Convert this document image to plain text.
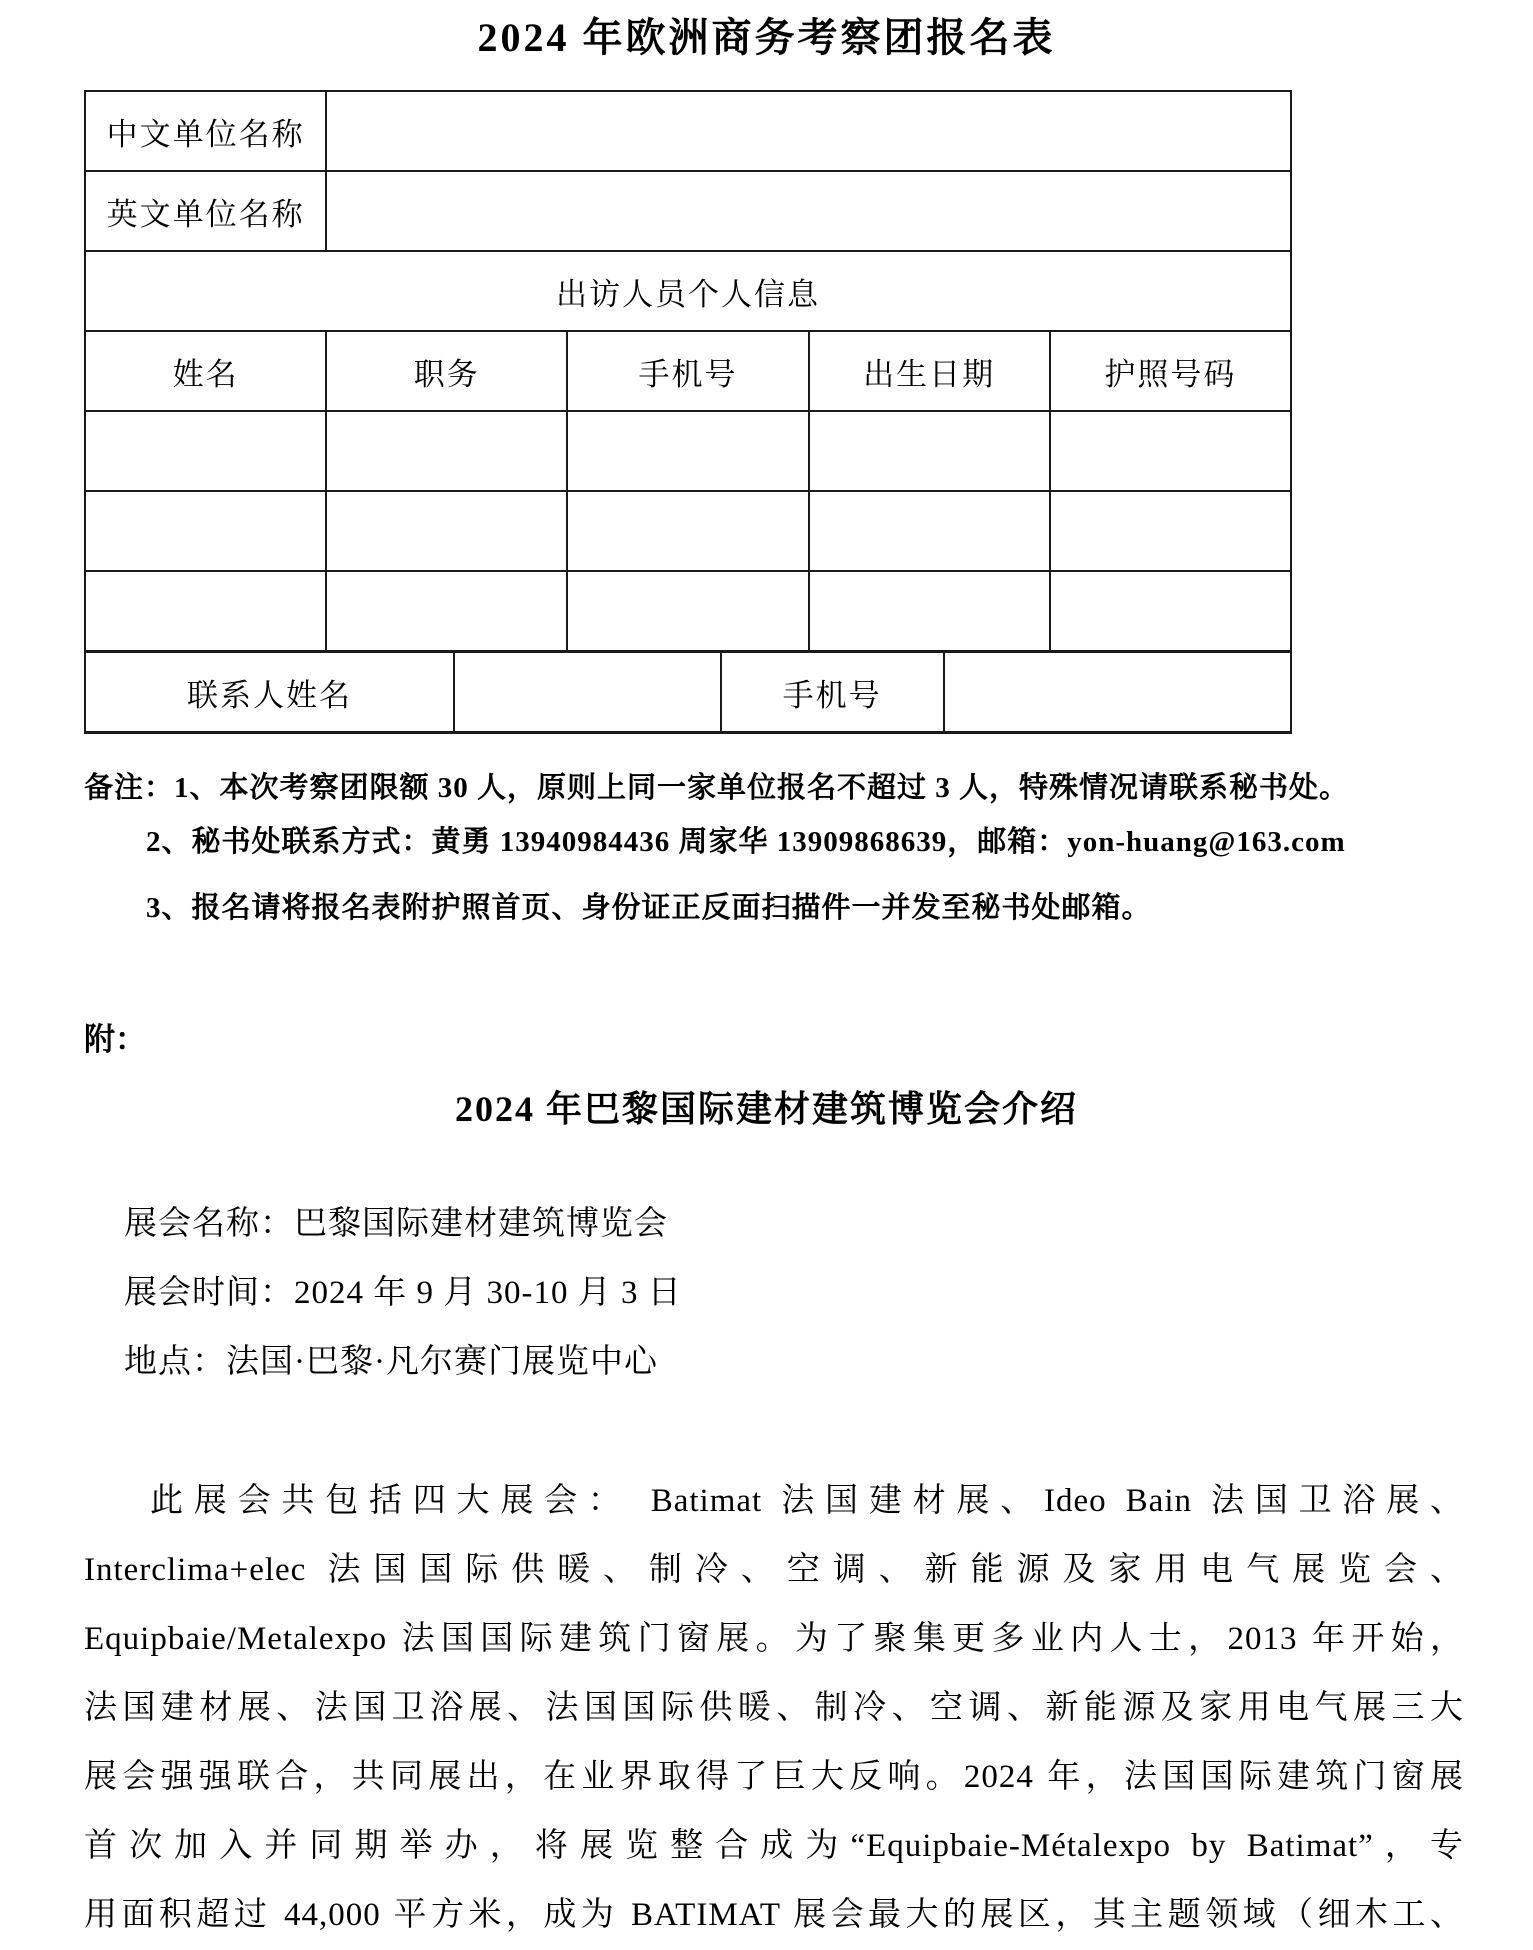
2024 年欧洲商务考察团报名表
中文单位名称				
英文单位名称				
出访人员个人信息				
姓名	职务	手机号	出生日期	护照号码

联系人姓名		手机号	
备注：1、本次考察团限额 30 人，原则上同一家单位报名不超过 3 人，特殊情况请联系秘书处。
2、秘书处联系方式：黄勇 13940984436 周家华 13909868639，邮箱：yon-huang@163.com
3、报名请将报名表附护照首页、身份证正反面扫描件一并发至秘书处邮箱。
附：
2024 年巴黎国际建材建筑博览会介绍
展会名称：巴黎国际建材建筑博览会
展会时间：2024 年 9 月 30-10 月 3 日
地点：法国·巴黎·凡尔赛门展览中心
此展会共包括四大展会： Batimat 法国建材展、Ideo Bain 法国卫浴展、
Interclima+elec 法国国际供暖、制冷、空调、新能源及家用电气展览会、
Equipbaie/Metalexpo 法国国际建筑门窗展。为了聚集更多业内人士，2013 年开始，
法国建材展、法国卫浴展、法国国际供暖、制冷、空调、新能源及家用电气展三大
展会强强联合，共同展出，在业界取得了巨大反响。2024 年，法国国际建筑门窗展
首次加入并同期举办，将展览整合成为“Equipbaie-Métalexpo by Batimat”，专
用面积超过 44,000 平方米，成为 BATIMAT 展会最大的展区，其主题领域（细木工、
